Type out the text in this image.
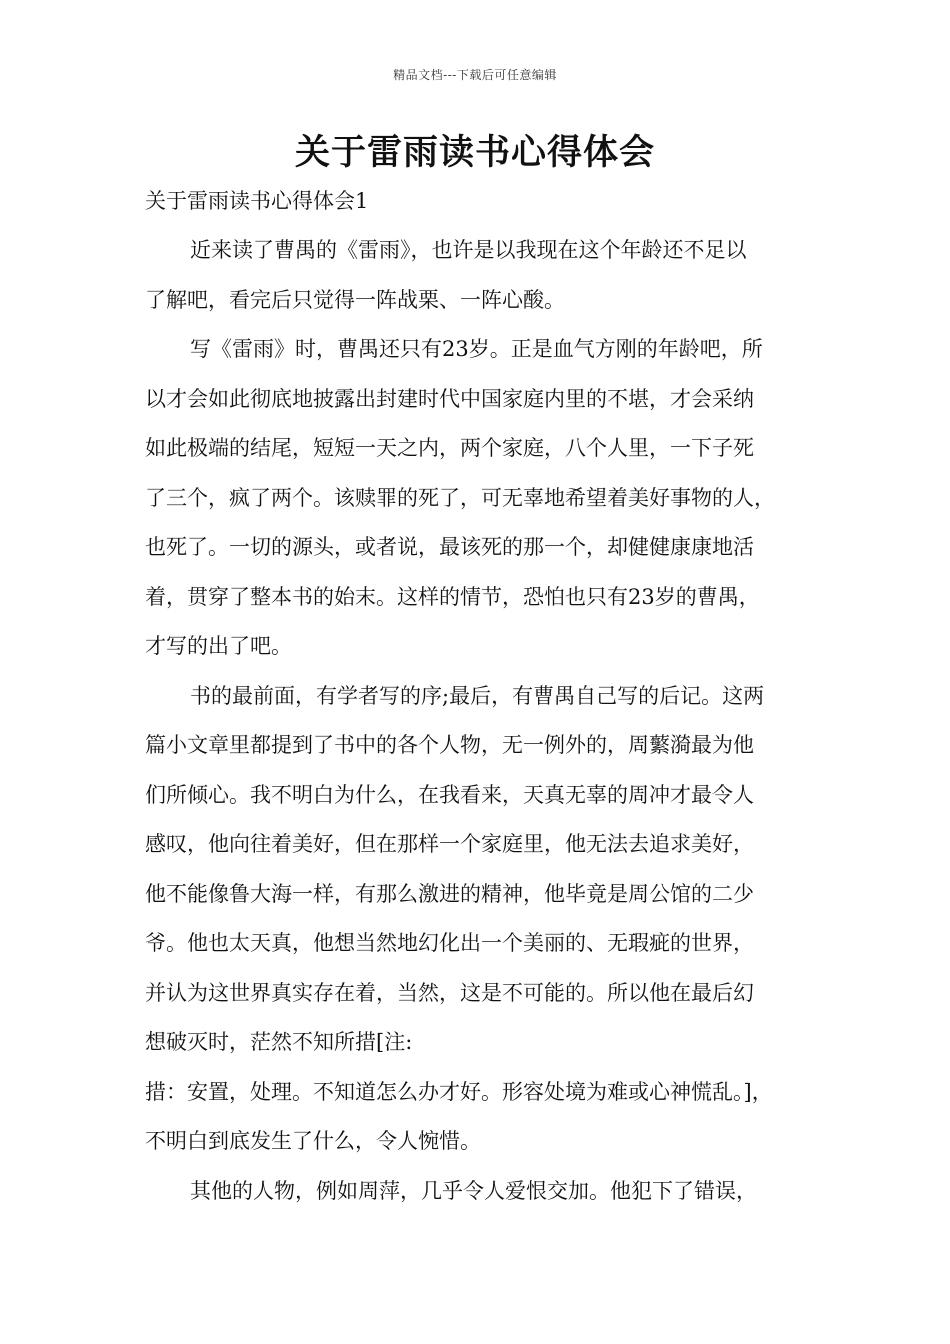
精品文档---下载后可任意编辑
关于雷雨读书心得体会
关于雷雨读书心得体会1

近来读了曹禺的《雷雨》，也许是以我现在这个年龄还不足以
了解吧，看完后只觉得一阵战栗、一阵心酸。

写《雷雨》时，曹禺还只有23岁。正是血气方刚的年龄吧，所
以才会如此彻底地披露出封建时代中国家庭内里的不堪，才会采纳
如此极端的结尾，短短一天之内，两个家庭，八个人里，一下子死
了三个，疯了两个。该赎罪的死了，可无辜地希望着美好事物的人，
也死了。一切的源头，或者说，最该死的那一个，却健健康康地活
着，贯穿了整本书的始末。这样的情节，恐怕也只有23岁的曹禺，
才写的出了吧。

书的最前面，有学者写的序;最后，有曹禺自己写的后记。这两
篇小文章里都提到了书中的各个人物，无一例外的，周蘩漪最为他
们所倾心。我不明白为什么，在我看来，天真无辜的周冲才最令人
感叹，他向往着美好，但在那样一个家庭里，他无法去追求美好，
他不能像鲁大海一样，有那么激进的精神，他毕竟是周公馆的二少
爷。他也太天真，他想当然地幻化出一个美丽的、无瑕疵的世界，
并认为这世界真实存在着，当然，这是不可能的。所以他在最后幻
想破灭时，茫然不知所措[注:

措：安置，处理。不知道怎么办才好。形容处境为难或心神慌乱。]，
不明白到底发生了什么，令人惋惜。

其他的人物，例如周萍，几乎令人爱恨交加。他犯下了错误，
